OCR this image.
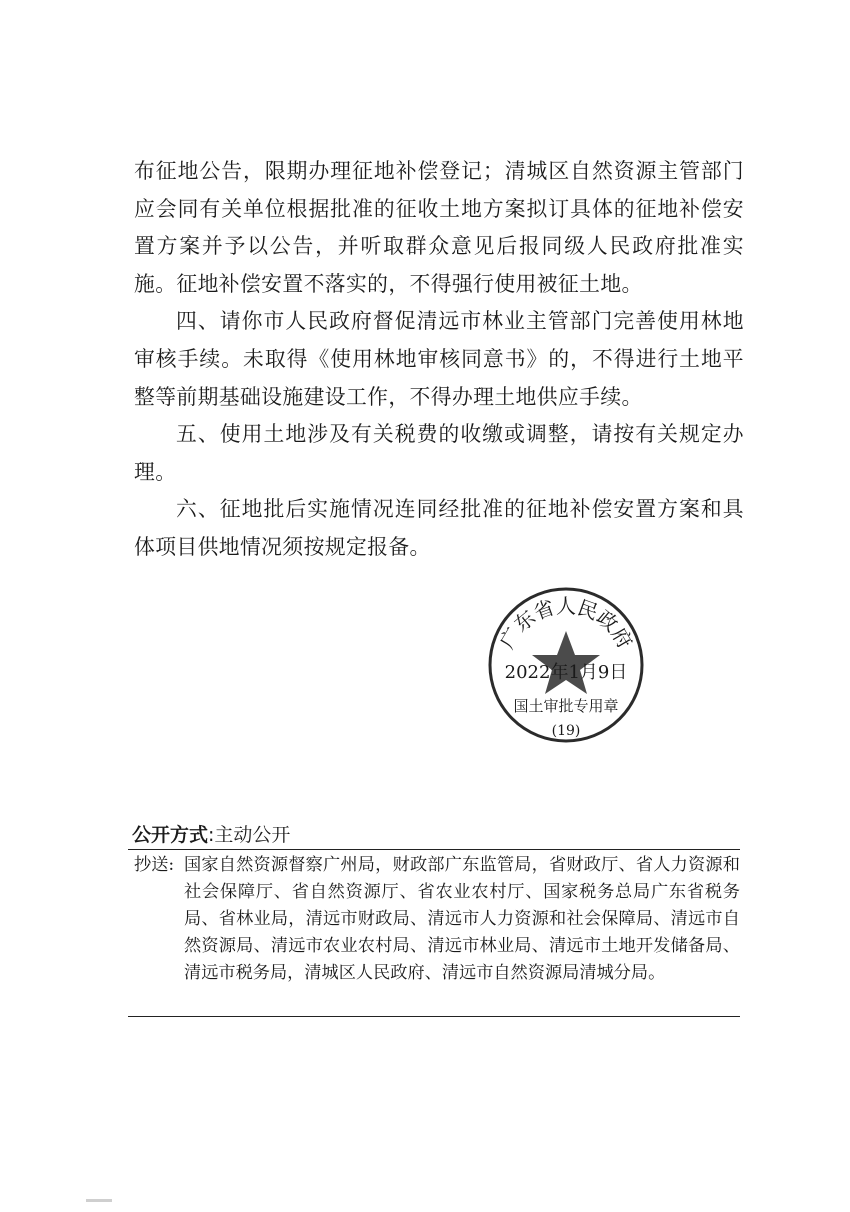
布征地公告，限期办理征地补偿登记；清城区自然资源主管部门应会同有关单位根据批准的征收土地方案拟订具体的征地补偿安置方案并予以公告，并听取群众意见后报同级人民政府批准实施。征地补偿安置不落实的，不得强行使用被征土地。

四、请你市人民政府督促清远市林业主管部门完善使用林地审核手续。未取得《使用林地审核同意书》的，不得进行土地平整等前期基础设施建设工作，不得办理土地供应手续。

五、使用土地涉及有关税费的收缴或调整，请按有关规定办理。

六、征地批后实施情况连同经批准的征地补偿安置方案和具体项目供地情况须按规定报备。

广东省人民政府
2022年1月9日
国土审批专用章
(19)
公开方式:主动公开
抄送: 国家自然资源督察广州局，财政部广东监管局，省财政厅、省人力资源和社会保障厅、省自然资源厅、省农业农村厅、国家税务总局广东省税务局、省林业局，清远市财政局、清远市人力资源和社会保障局、清远市自然资源局、清远市农业农村局、清远市林业局、清远市土地开发储备局、清远市税务局，清城区人民政府、清远市自然资源局清城分局。
